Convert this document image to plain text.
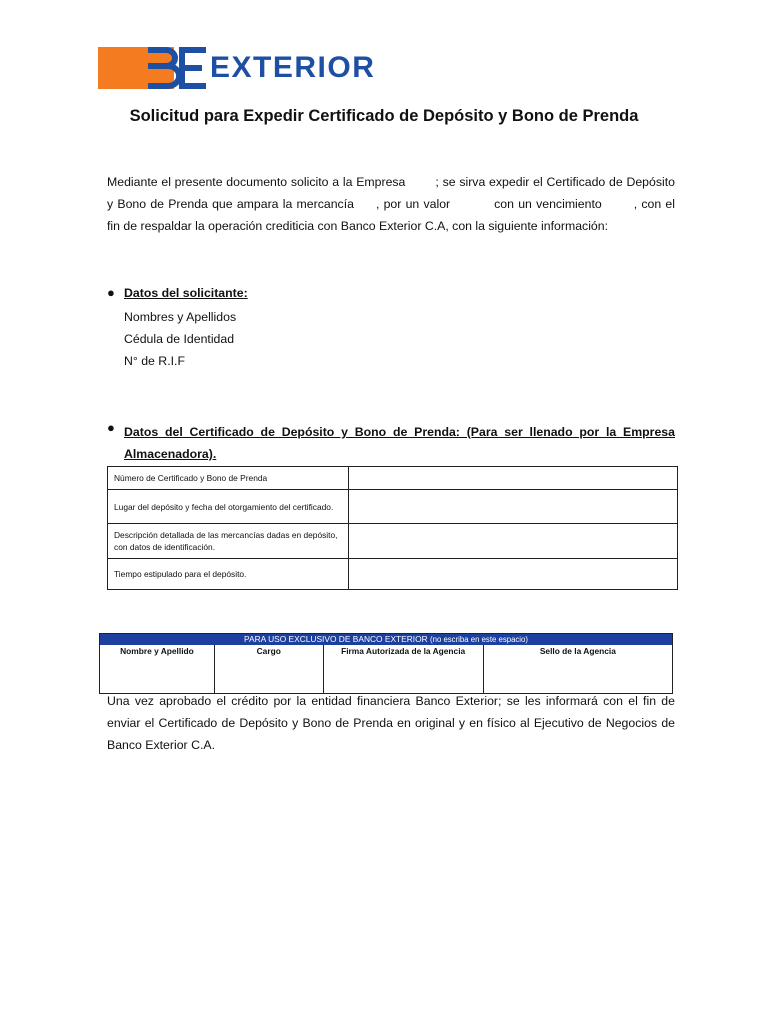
EXTERIOR
Solicitud para Expedir Certificado de Depósito y Bono de Prenda
Mediante el presente documento solicito a la Empresa ; se sirva expedir el Certificado de Depósito y Bono de Prenda que ampara la mercancía , por un valor	con un vencimiento	, con el fin de respaldar la operación crediticia con Banco Exterior C.A, con la siguiente información:
● Datos del solicitante:
Nombres y Apellidos
Cédula de Identidad
N° de R.I.F
● Datos del Certificado de Depósito y Bono de Prenda: (Para ser llenado por la Empresa Almacenadora).
Número de Certificado y Bono de Prenda	
Lugar del depósito y fecha del otorgamiento del certificado.	
Descripción detallada de las mercancías dadas en depósito, con datos de identificación.	
Tiempo estipulado para el depósito.	
PARA USO EXCLUSIVO DE BANCO EXTERIOR (no escriba en este espacio)
Nombre y Apellido	Cargo	Firma Autorizada de la Agencia	Sello de la Agencia
Una vez aprobado el crédito por la entidad financiera Banco Exterior; se les informará con el fin de enviar el Certificado de Depósito y Bono de Prenda en original y en físico al Ejecutivo de Negocios de Banco Exterior C.A.
